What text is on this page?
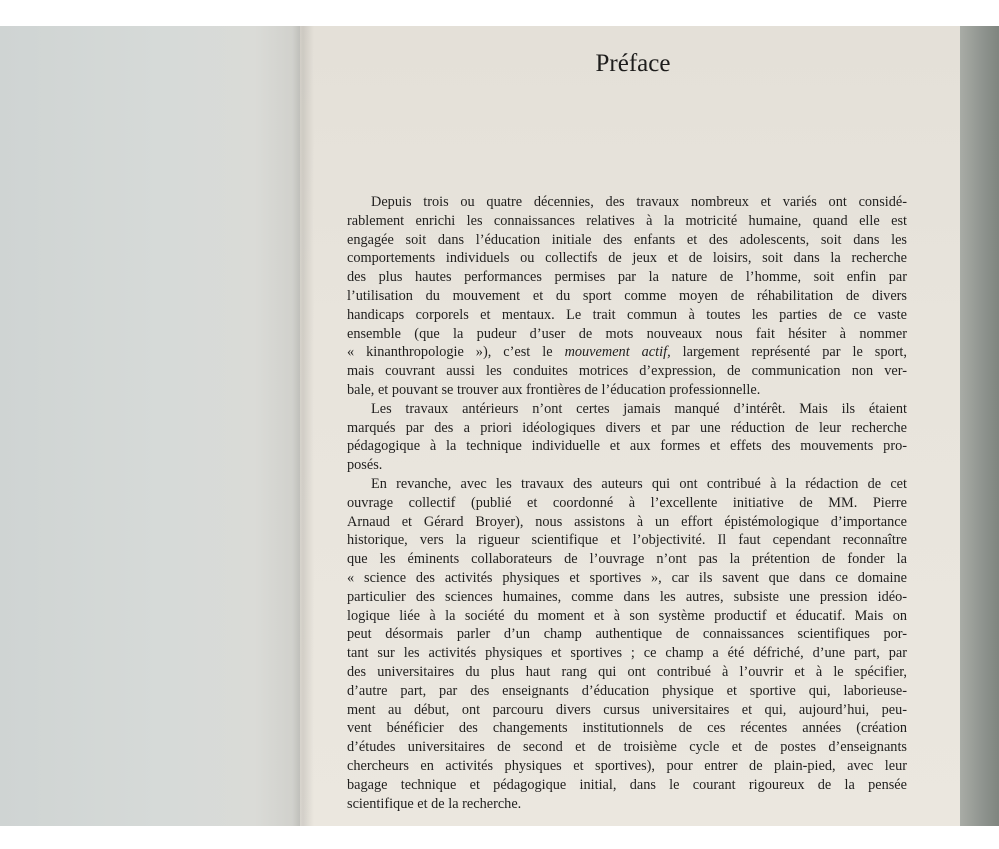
Préface
Depuis trois ou quatre décennies, des travaux nombreux et variés ont considé-
rablement enrichi les connaissances relatives à la motricité humaine, quand elle est
engagée soit dans l’éducation initiale des enfants et des adolescents, soit dans les
comportements individuels ou collectifs de jeux et de loisirs, soit dans la recherche
des plus hautes performances permises par la nature de l’homme, soit enfin par
l’utilisation du mouvement et du sport comme moyen de réhabilitation de divers
handicaps corporels et mentaux. Le trait commun à toutes les parties de ce vaste
ensemble (que la pudeur d’user de mots nouveaux nous fait hésiter à nommer
« kinanthropologie »), c’est le mouvement actif, largement représenté par le sport,
mais couvrant aussi les conduites motrices d’expression, de communication non ver-
bale, et pouvant se trouver aux frontières de l’éducation professionnelle.
Les travaux antérieurs n’ont certes jamais manqué d’intérêt. Mais ils étaient
marqués par des a priori idéologiques divers et par une réduction de leur recherche
pédagogique à la technique individuelle et aux formes et effets des mouvements pro-
posés.
En revanche, avec les travaux des auteurs qui ont contribué à la rédaction de cet
ouvrage collectif (publié et coordonné à l’excellente initiative de MM. Pierre
Arnaud et Gérard Broyer), nous assistons à un effort épistémologique d’importance
historique, vers la rigueur scientifique et l’objectivité. Il faut cependant reconnaître
que les éminents collaborateurs de l’ouvrage n’ont pas la prétention de fonder la
« science des activités physiques et sportives », car ils savent que dans ce domaine
particulier des sciences humaines, comme dans les autres, subsiste une pression idéo-
logique liée à la société du moment et à son système productif et éducatif. Mais on
peut désormais parler d’un champ authentique de connaissances scientifiques por-
tant sur les activités physiques et sportives ; ce champ a été défriché, d’une part, par
des universitaires du plus haut rang qui ont contribué à l’ouvrir et à le spécifier,
d’autre part, par des enseignants d’éducation physique et sportive qui, laborieuse-
ment au début, ont parcouru divers cursus universitaires et qui, aujourd’hui, peu-
vent bénéficier des changements institutionnels de ces récentes années (création
d’études universitaires de second et de troisième cycle et de postes d’enseignants
chercheurs en activités physiques et sportives), pour entrer de plain-pied, avec leur
bagage technique et pédagogique initial, dans le courant rigoureux de la pensée
scientifique et de la recherche.
